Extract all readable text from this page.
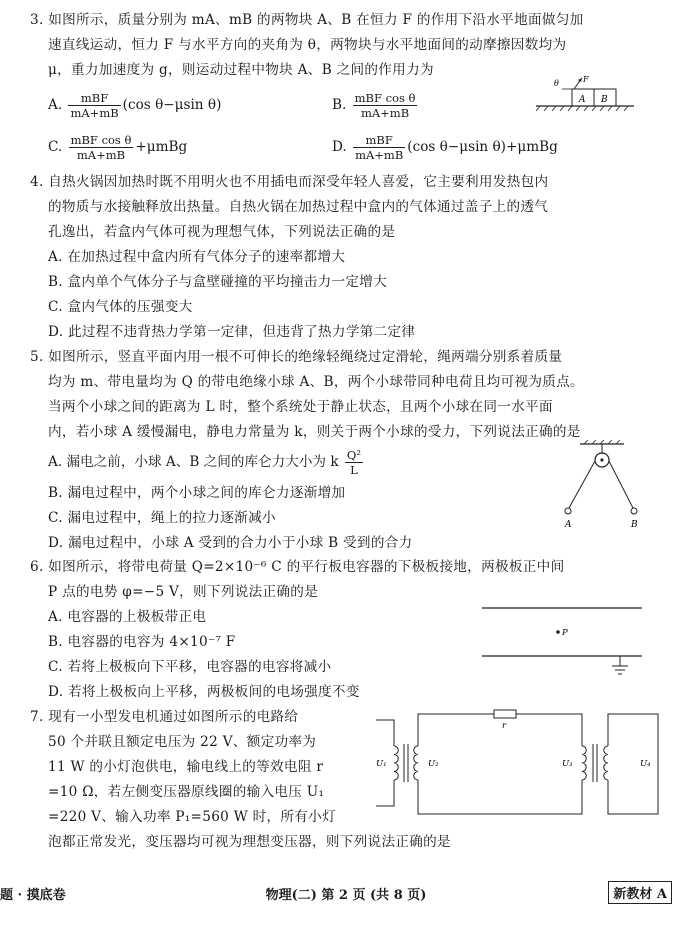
3. 如图所示，质量分别为 mA、mB 的两物块 A、B 在恒力 F 的作用下沿水平地面做匀加
速直线运动，恒力 F 与水平方向的夹角为 θ，两物块与水平地面间的动摩擦因数均为
μ，重力加速度为 g，则运动过程中物块 A、B 之间的作用力为
A. $\frac{\text{mBF}}{mA+mB} (\cos$ θ−μsin θ)	B. $\frac{\text{mBF cos θ}}{mA+mB}$
C. $\frac{\text{mBF cos θ}}{mA+mB} +\mu mBg$	D. $\frac{\text{mBF}}{mA+mB} (\cos$ θ−μsin θ)+μmBg
A B
θ	F
4. 自热火锅因加热时既不用明火也不用插电而深受年轻人喜爱，它主要利用发热包内
的物质与水接触释放出热量。自热火锅在加热过程中盒内的气体通过盖子上的透气
孔逸出，若盒内气体可视为理想气体，下列说法正确的是
A. 在加热过程中盒内所有气体分子的速率都增大
B. 盒内单个气体分子与盒壁碰撞的平均撞击力一定增大
C. 盒内气体的压强变大
D. 此过程不违背热力学第一定律，但违背了热力学第二定律
5. 如图所示，竖直平面内用一根不可伸长的绝缘轻绳绕过定滑轮，绳两端分别系着质量
均为 m、带电量均为 Q 的带电绝缘小球 A、B，两个小球带同种电荷且均可视为质点。
当两个小球之间的距离为 L 时，整个系统处于静止状态，且两个小球在同一水平面
内，若小球 A 缓慢漏电，静电力常量为 k，则关于两个小球的受力，下列说法正确的是
A. 漏电之前，小球 A、B 之间的库仑力大小为 k $\frac{\text{Q²}}{L}$
B. 漏电过程中，两个小球之间的库仑力逐渐增加
C. 漏电过程中，绳上的拉力逐渐减小
D. 漏电过程中，小球 A 受到的合力小于小球 B 受到的合力
A	B
6. 如图所示，将带电荷量 Q=2×10⁻⁶ C 的平行板电容器的下极板接地，两极板正中间
P 点的电势 φ=−5 V，则下列说法正确的是
A. 电容器的上极板带正电
B. 电容器的电容为 4×10⁻⁷ F
C. 若将上极板向下平移，电容器的电容将减小
D. 若将上极板向上平移，两极板间的电场强度不变
P
7. 现有一小型发电机通过如图所示的电路给
50 个并联且额定电压为 22 V、额定功率为
11 W 的小灯泡供电，输电线上的等效电阻 r
=10 Ω，若左侧变压器原线圈的输入电压 U₁
=220 V、输入功率 P₁=560 W 时，所有小灯
泡都正常发光，变压器均可视为理想变压器，则下列说法正确的是
r
U₁	U₂	U₃	U₄
题 · 摸底卷	物理(二) 第 2 页 (共 8 页)	新教材 A
